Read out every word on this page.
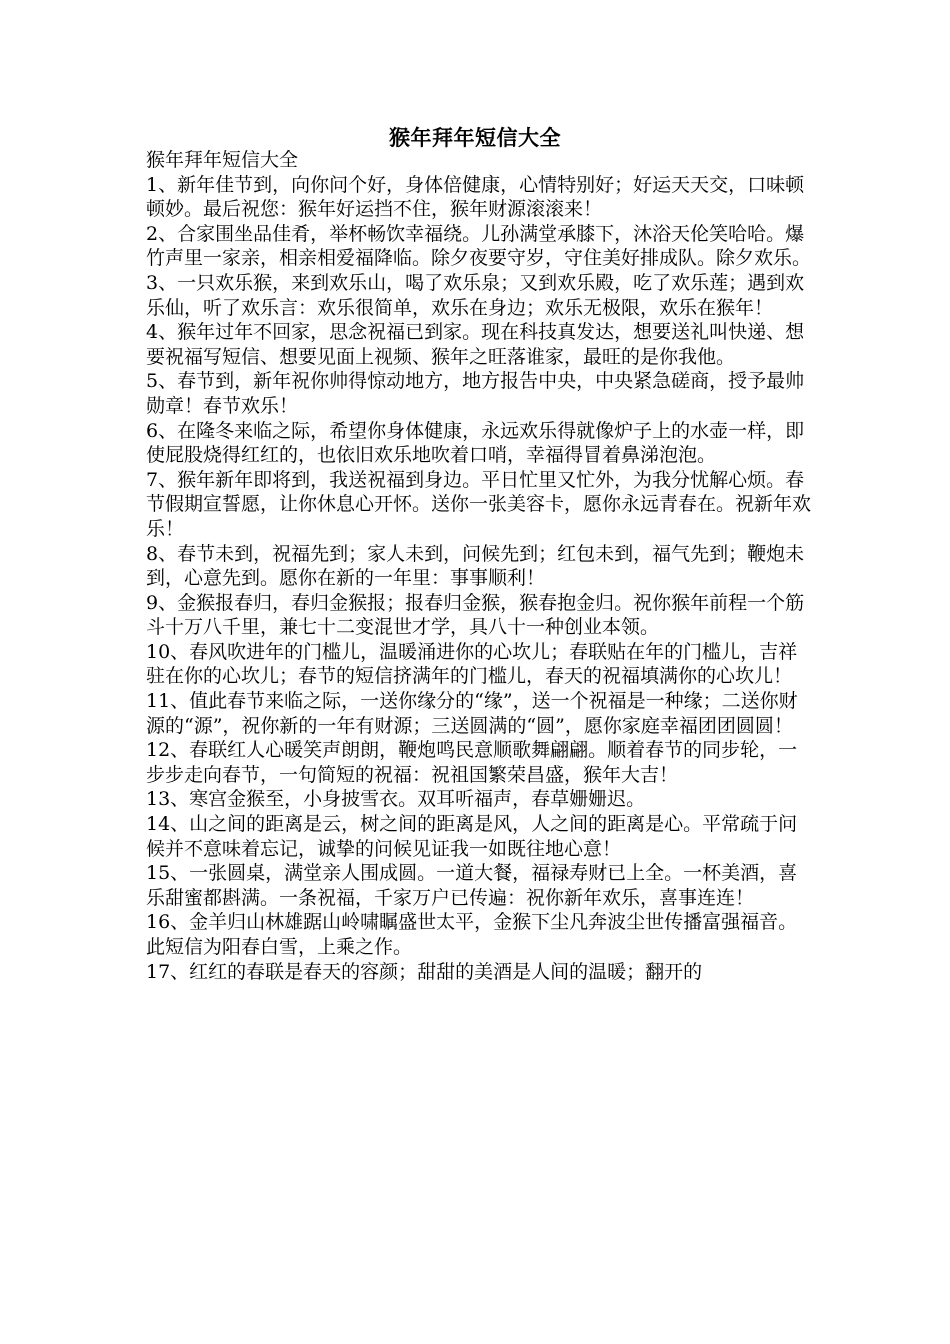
猴年拜年短信大全

猴年拜年短信大全

1、新年佳节到，向你问个好，身体倍健康，心情特别好；好运天天交，口味顿顿妙。最后祝您：猴年好运挡不住，猴年财源滚滚来！

2、合家围坐品佳肴，举杯畅饮幸福绕。儿孙满堂承膝下，沐浴天伦笑哈哈。爆竹声里一家亲，相亲相爱福降临。除夕夜要守岁，守住美好排成队。除夕欢乐。

3、一只欢乐猴，来到欢乐山，喝了欢乐泉；又到欢乐殿，吃了欢乐莲；遇到欢乐仙，听了欢乐言：欢乐很简单，欢乐在身边；欢乐无极限，欢乐在猴年！

4、猴年过年不回家，思念祝福已到家。现在科技真发达，想要送礼叫快递、想要祝福写短信、想要见面上视频、猴年之旺落谁家，最旺的是你我他。

5、春节到，新年祝你帅得惊动地方，地方报告中央，中央紧急磋商，授予最帅勋章！春节欢乐！

6、在隆冬来临之际，希望你身体健康，永远欢乐得就像炉子上的水壶一样，即使屁股烧得红红的，也依旧欢乐地吹着口哨，幸福得冒着鼻涕泡泡。

7、猴年新年即将到，我送祝福到身边。平日忙里又忙外，为我分忧解心烦。春节假期宣誓愿，让你休息心开怀。送你一张美容卡，愿你永远青春在。祝新年欢乐！

8、春节未到，祝福先到；家人未到，问候先到；红包未到，福气先到；鞭炮未到，心意先到。愿你在新的一年里：事事顺利！

9、金猴报春归，春归金猴报；报春归金猴，猴春抱金归。祝你猴年前程一个筋斗十万八千里，兼七十二变混世才学，具八十一种创业本领。

10、春风吹进年的门槛儿，温暖涌进你的心坎儿；春联贴在年的门槛儿，吉祥驻在你的心坎儿；春节的短信挤满年的门槛儿，春天的祝福填满你的心坎儿！

11、值此春节来临之际，一送你缘分的“缘”，送一个祝福是一种缘；二送你财源的“源”，祝你新的一年有财源；三送圆满的“圆”，愿你家庭幸福团团圆圆！

12、春联红人心暖笑声朗朗，鞭炮鸣民意顺歌舞翩翩。顺着春节的同步轮，一步步走向春节，一句简短的祝福：祝祖国繁荣昌盛，猴年大吉！

13、寒宫金猴至，小身披雪衣。双耳听福声，春草姗姗迟。

14、山之间的距离是云，树之间的距离是风，人之间的距离是心。平常疏于问候并不意味着忘记，诚挚的问候见证我一如既往地心意！

15、一张圆桌，满堂亲人围成圆。一道大餐，福禄寿财已上全。一杯美酒，喜乐甜蜜都斟满。一条祝福，千家万户已传遍：祝你新年欢乐，喜事连连！

16、金羊归山林雄踞山岭啸瞩盛世太平，金猴下尘凡奔波尘世传播富强福音。此短信为阳春白雪，上乘之作。

17、红红的春联是春天的容颜；甜甜的美酒是人间的温暖；翻开的
